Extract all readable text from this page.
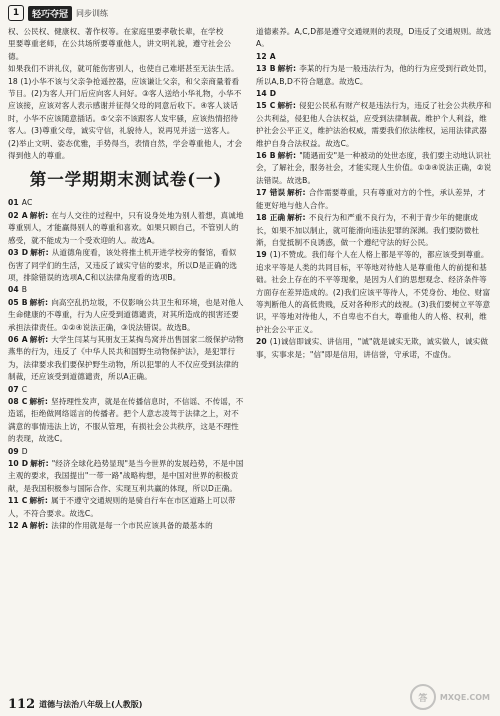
1	轻巧夺冠	同步训练

权、公民权、健康权、著作权等。在家庭里要孝敬长辈，在学校

里要尊重老师，在公共场所要尊重他人，讲文明礼貌，遵守社会公德。

如果我们不讲礼仪，就可能伤害别人，也使自己难堪甚至无法生活。

18 (1)小华不该与父亲争抢遥控器，应该谦让父亲，和父亲商量着看节目。(2)为客人开门后应向客人问好。③客人送给小华礼物，小华不应该接，应该对客人表示感谢并征得父母的同意后收下。④客人谈话时，小华不应该随意插话。⑤父亲不该跟客人发牢骚，应该热情招待客人。(3)尊重父母，诚实守信，礼貌待人，说再见并送一送客人。(2)举止文明、姿态优雅，手势得当，表情自然，学会尊重他人，才会得到他人的尊重。

第一学期期末测试卷(一)

01 AC

02 A 解析: 在与人交往的过程中，只有设身处地为别人着想，真诚地尊重别人，才能赢得别人的尊重和喜欢。如果只顾自己，不管别人的感受，就不能成为一个受欢迎的人。故选A。

03 D 解析: 从道德角度看，该处将推土机开进学校旁的餐馆，看似伤害了同学们的生活，又违反了诚实守信的要求，所以D是正确的选项，排除错误的选项A,C和以法律角度看的选项B。

04 B

05 B 解析: 向高空乱扔垃圾，不仅影响公共卫生和环境，也是对他人生命健康的不尊重，行为人应受到道德谴责，对其所造成的损害还要承担法律责任。①②④说法正确，③说法错误。故选B。

06 A 解析: 大学生闫某与其朋友王某掏鸟窝并出售国家二级保护动物燕隼的行为，违反了《中华人民共和国野生动物保护法》，是犯罪行为，法律要求我们要保护野生动物，所以犯罪的人不仅应受到法律的制裁，还应该受到道德谴责，所以A正确。

07 C

08 C 解析: 坚持理性发声，就是在传播信息时，不信谣、不传谣，不造谣，拒绝做网络谣言的传播者。把个人意志凌驾于法律之上，对不满意的事情违法上访，不服从管理，有损社会公共秩序，这是不理性的表现，故选C。

09 D

10 D 解析: "经济全球化趋势显现"是当今世界的发展趋势，不是中国主观的要求，我国提出"一带一路"战略构想，是中国对世界的积极贡献，是我国积极参与国际合作、实现互利共赢的体现，所以D正确。

11 C 解析: 属于不遵守交通规则的是骑自行车在市区道路上可以带人，不符合要求。故选C。

12 A 解析: 法律的作用就是每一个市民应该具备的最基本的

道德素养。A,C,D都是遵守交通规则的表现，D违反了交通规则。故选A。

12 A

13 B 解析: 李某的行为是一般违法行为，他的行为应受到行政处罚，所以A,B,D不符合题意。故选C。

14 D

15 C 解析: 侵犯公民私有财产权是违法行为，违反了社会公共秩序和公共利益，侵犯他人合法权益，应受到法律制裁。维护个人利益，维护社会公平正义，维护法治权威，需要我们依法维权，运用法律武器维护自身合法权益。故选C。

16 B 解析: "随遇而安"是一种被动的处世态度，我们要主动地认识社会，了解社会，服务社会，才能实现人生价值。①③④说法正确，②说法错误。故选B。

17 错误 解析: 合作需要尊重，只有尊重对方的个性，承认差异，才能更好地与他人合作。

18 正确 解析: 不良行为和严重不良行为，不利于青少年的健康成长，如果不加以制止，就可能滑向违法犯罪的深渊。我们要防微杜渐，自觉抵制不良诱惑，做一个遵纪守法的好公民。

19 (1)不赞成。我们每个人在人格上都是平等的，都应该受到尊重。追求平等是人类的共同目标，平等地对待他人是尊重他人的前提和基础。社会上存在的不平等现象，是因为人们的思想观念、经济条件等方面存在差异造成的。(2)我们应该平等待人，不凭身份、地位、财富等判断他人的高低贵贱，反对各种形式的歧视。(3)我们要树立平等意识，平等地对待他人，不自卑也不自大，尊重他人的人格、权利，维护社会公平正义。

20 (1)诚信即诚实、讲信用，"诚"就是诚实无欺，诚实做人，诚实做事，实事求是；"信"即是信用，讲信誉，守承诺，不虚伪。

112 道德与法治八年级上(人教版)
答	MXQE.COM
